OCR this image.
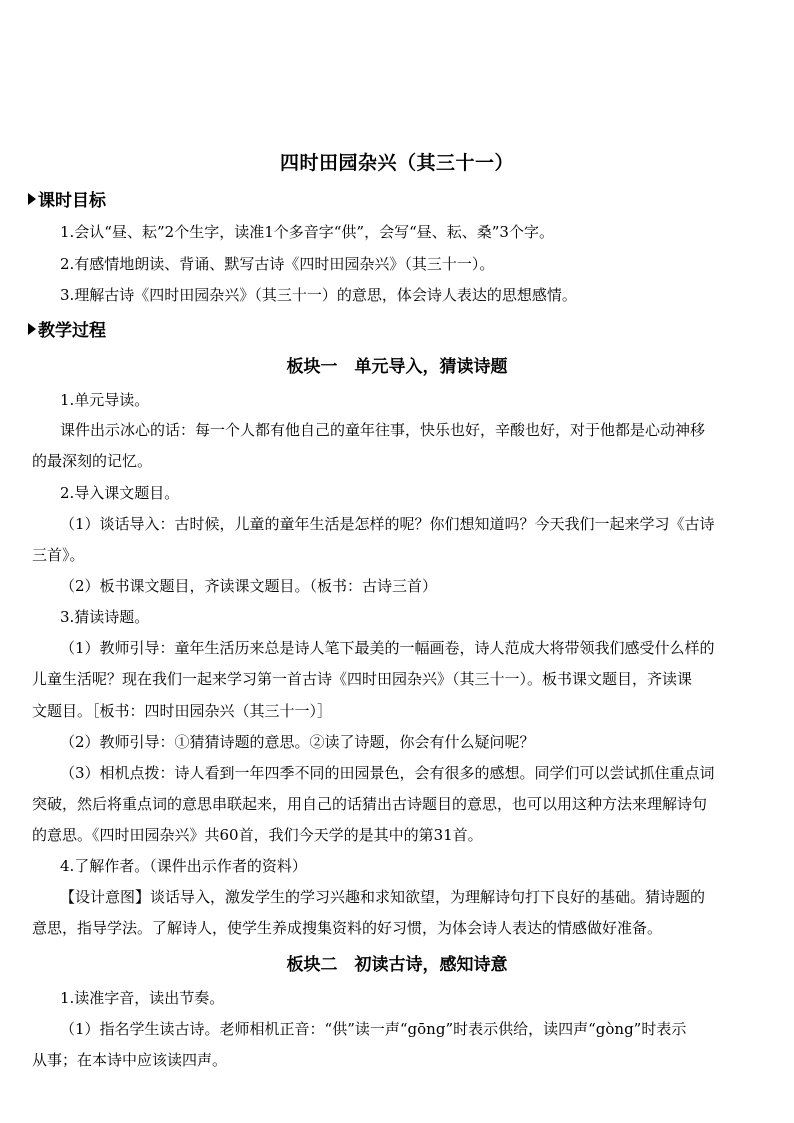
四时田园杂兴（其三十一）
课时目标
1.会认“昼、耘”2个生字，读准1个多音字“供”，会写“昼、耘、桑”3个字。
2.有感情地朗读、背诵、默写古诗《四时田园杂兴》（其三十一）。
3.理解古诗《四时田园杂兴》（其三十一）的意思，体会诗人表达的思想感情。
教学过程
板块一　单元导入，猜读诗题
1.单元导读。
课件出示冰心的话：每一个人都有他自己的童年往事，快乐也好，辛酸也好，对于他都是心动神移
的最深刻的记忆。
2.导入课文题目。
（1）谈话导入：古时候，儿童的童年生活是怎样的呢？你们想知道吗？今天我们一起来学习《古诗
三首》。
（2）板书课文题目，齐读课文题目。（板书：古诗三首）
3.猜读诗题。
（1）教师引导：童年生活历来总是诗人笔下最美的一幅画卷，诗人范成大将带领我们感受什么样的
儿童生活呢？现在我们一起来学习第一首古诗《四时田园杂兴》（其三十一）。板书课文题目，齐读课
文题目。［板书：四时田园杂兴（其三十一）］
（2）教师引导：①猜猜诗题的意思。②读了诗题，你会有什么疑问呢？
（3）相机点拨：诗人看到一年四季不同的田园景色，会有很多的感想。同学们可以尝试抓住重点词
突破，然后将重点词的意思串联起来，用自己的话猜出古诗题目的意思，也可以用这种方法来理解诗句
的意思。《四时田园杂兴》共60首，我们今天学的是其中的第31首。
4.了解作者。（课件出示作者的资料）
【设计意图】谈话导入，激发学生的学习兴趣和求知欲望，为理解诗句打下良好的基础。猜诗题的
意思，指导学法。了解诗人，使学生养成搜集资料的好习惯，为体会诗人表达的情感做好准备。
板块二　初读古诗，感知诗意
1.读准字音，读出节奏。
（1）指名学生读古诗。老师相机正音：“供”读一声“gōng”时表示供给，读四声“gòng”时表示
从事；在本诗中应该读四声。
